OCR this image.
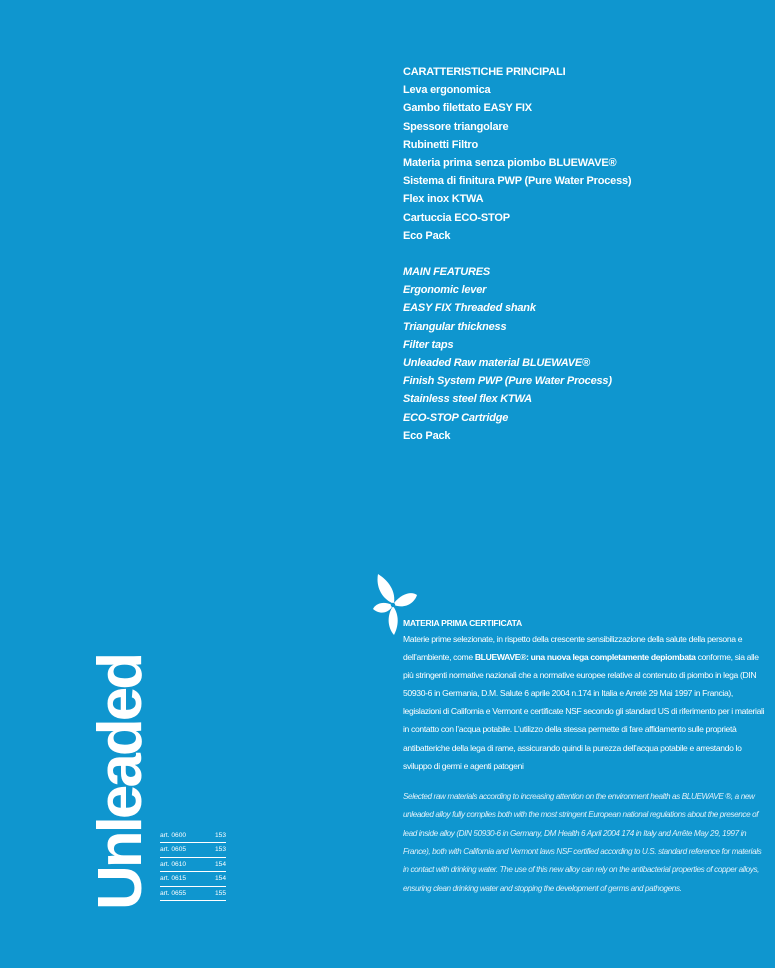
CARATTERISTICHE PRINCIPALI
Leva ergonomica
Gambo filettato EASY FIX
Spessore triangolare
Rubinetti Filtro
Materia prima senza piombo BLUEWAVE®
Sistema di finitura PWP (Pure Water Process)
Flex inox KTWA
Cartuccia ECO-STOP
Eco Pack
MAIN FEATURES
Ergonomic lever
EASY FIX Threaded shank
Triangular thickness
Filter taps
Unleaded Raw material BLUEWAVE®
Finish System PWP (Pure Water Process)
Stainless steel flex KTWA
ECO-STOP Cartridge
Eco Pack
MATERIA PRIMA CERTIFICATA
Materie prime selezionate, in rispetto della crescente sensibilizzazione della salute della persona e dell’ambiente, come BLUEWAVE®: una nuova lega completamente depiombata conforme, sia alle più stringenti normative nazionali che a normative europee relative al contenuto di piombo in lega (DIN 50930-6 in Germania, D.M. Salute 6 aprile 2004 n.174 in Italia e Arreté 29 Mai 1997 in Francia), legislazioni di California e Vermont e certificate NSF secondo gli standard US di riferimento per i materiali in contatto con l’acqua potabile. L’utilizzo della stessa permette di fare affidamento sulle proprietà antibatteriche della lega di rame, assicurando quindi la purezza dell’acqua potabile e arrestando lo sviluppo di germi e agenti patogeni
Selected raw materials according to increasing attention on the environment health as BLUEWAVE ®, a new unleaded alloy fully complies both with the most stringent European national regulations about the presence of lead inside alloy (DIN 50930-6 in Germany, DM Health 6 April 2004 174 in Italy and Arrête May 29, 1997 in France), both with California and Vermont laws NSF certified according to U.S. standard reference for materials in contact with drinking water. The use of this new alloy can rely on the antibacterial properties of copper alloys, ensuring clean drinking water and stopping the development of germs and pathogens.
Unleaded art. 0600	153
art. 0605	153
art. 0610	154
art. 0615	154
art. 0655	155
